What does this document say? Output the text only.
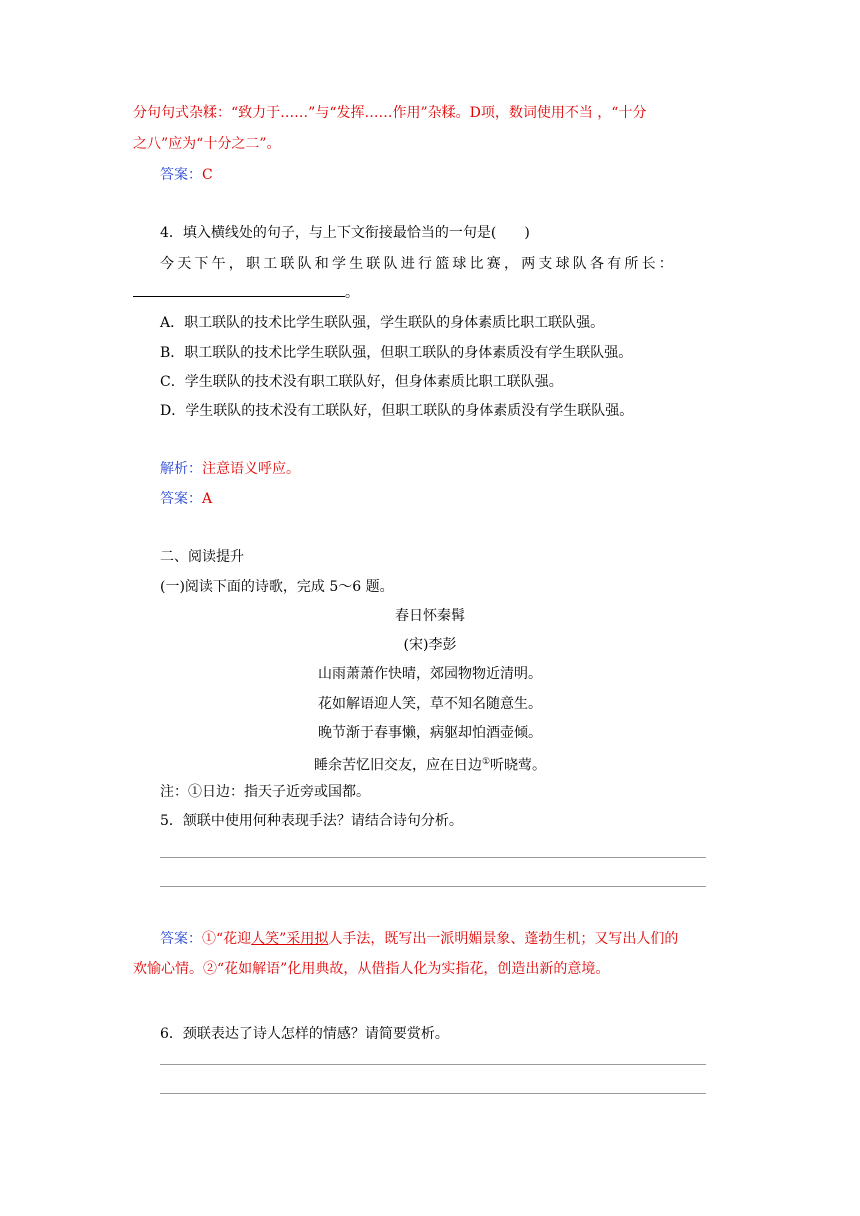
分句句式杂糅：“致力于……”与“发挥……作用”杂糅。D项，数词使用不当 ，“十分
之八”应为“十分之二”。
答案：C
4．填入横线处的句子，与上下文衔接最恰当的一句是(　　)
今天下午，职工联队和学生联队进行篮球比赛，两支球队各有所长：
。
A．职工联队的技术比学生联队强，学生联队的身体素质比职工联队强。
B．职工联队的技术比学生联队强，但职工联队的身体素质没有学生联队强。
C．学生联队的技术没有职工联队好，但身体素质比职工联队强。
D．学生联队的技术没有工联队好，但职工联队的身体素质没有学生联队强。
解析：注意语义呼应。
答案：A
二、阅读提升
(一)阅读下面的诗歌，完成 5～6 题。
春日怀秦髯
(宋)李彭
山雨萧萧作快晴，郊园物物近清明。
花如解语迎人笑，草不知名随意生。
晚节渐于春事懒，病躯却怕酒壶倾。
睡余苦忆旧交友，应在日边①听晓莺。
注：①日边：指天子近旁或国都。
5．颔联中使用何种表现手法？请结合诗句分析。
答案：①“花迎人笑”采用拟人手法，既写出一派明媚景象、蓬勃生机；又写出人们的
欢愉心情。②“花如解语”化用典故，从借指人化为实指花，创造出新的意境。
6．颈联表达了诗人怎样的情感？请简要赏析。
